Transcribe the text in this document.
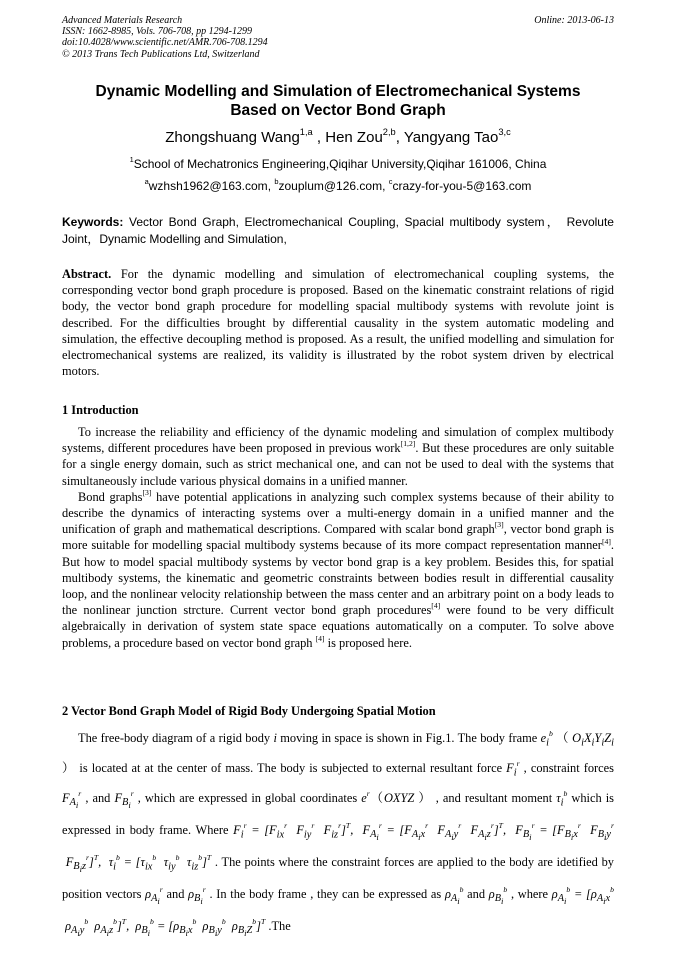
Advanced Materials Research
ISSN: 1662-8985, Vols. 706-708, pp 1294-1299
doi:10.4028/www.scientific.net/AMR.706-708.1294
© 2013 Trans Tech Publications Ltd, Switzerland
Online: 2013-06-13
Dynamic Modelling and Simulation of Electromechanical Systems
Based on Vector Bond Graph
Zhongshuang Wang$^{1,a}$ , Hen Zou$^{2,b}$, Yangyang Tao$^{3,c}$
$^1$School of Mechatronics Engineering,Qiqihar University,Qiqihar 161006, China
$^a$wzhsh1962@163.com, $^b$zouplum@126.com, $^c$crazy-for-you-5@163.com
Keywords: Vector Bond Graph, Electromechanical Coupling, Spacial multibody system， Revolute Joint，Dynamic Modelling and Simulation,
Abstract. For the dynamic modelling and simulation of electromechanical coupling systems, the corresponding vector bond graph procedure is proposed. Based on the kinematic constraint relations of rigid body, the vector bond graph procedure for modelling spacial multibody systems with revolute joint is described. For the difficulties brought by differential causality in the system automatic modeling and simulation, the effective decoupling method is proposed. As a result, the unified modelling and simulation for electromechanical systems are realized, its validity is illustrated by the robot system driven by electrical motors.
1 Introduction

To increase the reliability and efficiency of the dynamic modeling and simulation of complex multibody systems, different procedures have been proposed in previous work[1,2]. But these procedures are only suitable for a single energy domain, such as strict mechanical one, and can not be used to deal with the systems that simultaneously include various physical domains in a unified manner.

Bond graphs[3] have potential applications in analyzing such complex systems because of their ability to describe the dynamics of interacting systems over a multi-energy domain in a unified manner and the unification of graph and mathematical descriptions. Compared with scalar bond graph[3], vector bond graph is more suitable for modelling spacial multibody systems because of its more compact representation manner[4]. But how to model spacial multibody systems by vector bond grap is a key problem. Besides this, for spatial multibody systems, the kinematic and geometric constraints between bodies result in differential causality loop, and the nonlinear velocity relationship between the mass center and an arbitrary point on a body leads to the nonlinear junction strcture. Current vector bond graph procedures[4] were found to be very difficult algebraically in derivation of system state space equations automatically on a computer. To solve above problems, a procedure based on vector bond graph [4] is proposed here.

2 Vector Bond Graph Model of Rigid Body Undergoing Spatial Motion

The free-body diagram of a rigid body i moving in space is shown in Fig.1. The body frame $e_i^b$ （ $O_iX_iY_iZ_i$ ） is located at at the center of mass. The body is subjected to external resultant force $F_i^r$ , constraint forces $F_{A_i}^r$ , and $F_{B_i}^r$ , which are expressed in global coordinates $e^r(OXYZ$ ） , and resultant moment $\tau_i^b$ which is expressed in body frame. Where $F_i^r = [F_{ix}^r$  $F_{iy}^r$  $F_{iz}^r]^T$,  $F_{A_i}^r = [F_{A_ix}^r$  $F_{A_iy}^r$  $F_{A_iz}^r]^T$,  $F_{B_i}^r = [F_{B_ix}^r$  $F_{B_iy}^r$  $F_{B_iz}^r]^T$,  $\tau_i^b = [\tau_{ix}^b$  $\tau_{iy}^b$  $\tau_{iz}^b]^T$ . The points where the constraint forces are applied to the body are idetified by position vectors $\rho_{A_i}^r$ and $\rho_{B_i}^r$ . In the body frame , they can be expressed as $\rho_{A_i}^b$ and $\rho_{B_i}^b$ , where $\rho_{A_i}^b = [\rho_{A_ix}^b$  $\rho_{A_iy}^b$  $\rho_{A_iz}^b]^T$,  $\rho_{B_i}^b = [\rho_{B_ix}^b$  $\rho_{B_iy}^b$  $\rho_{B_iZ}^b]^T$ .The
